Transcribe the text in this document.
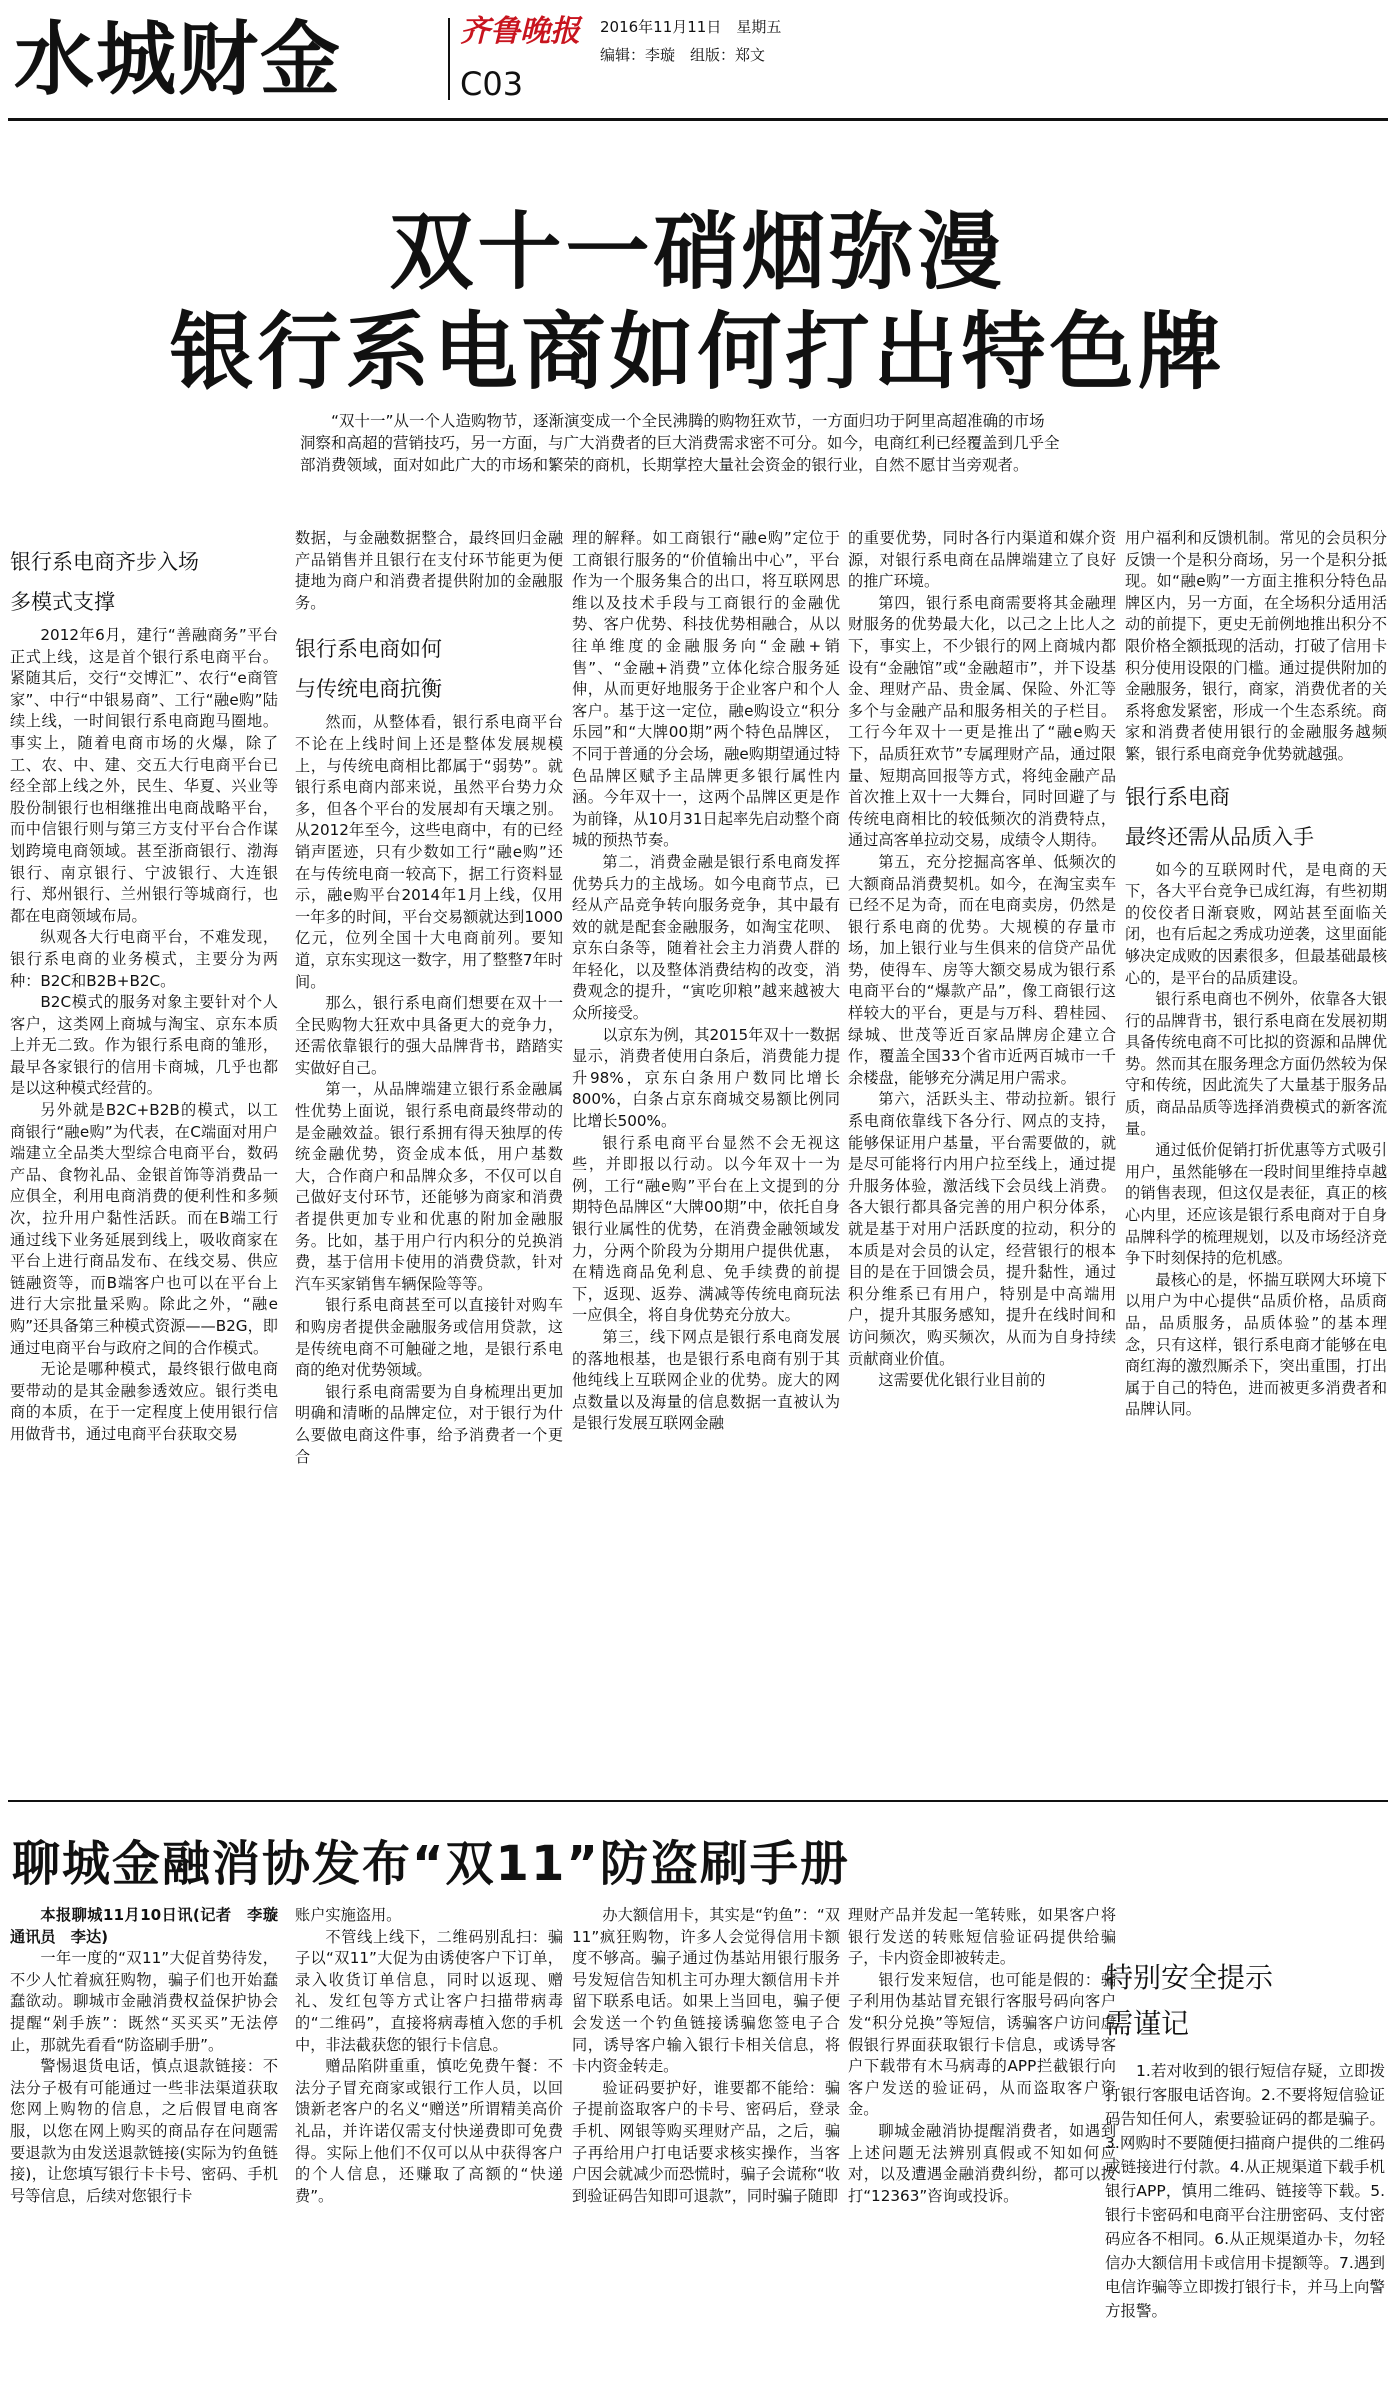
水城财金	齐鲁晚报 2016年11月11日　星期五
编辑：李璇　组版：郑文
C03
双十一硝烟弥漫
银行系电商如何打出特色牌
“双十一”从一个人造购物节，逐渐演变成一个全民沸腾的购物狂欢节，一方面归功于阿里高超准确的市场洞察和高超的营销技巧，另一方面，与广大消费者的巨大消费需求密不可分。如今，电商红利已经覆盖到几乎全部消费领域，面对如此广大的市场和繁荣的商机，长期掌控大量社会资金的银行业，自然不愿甘当旁观者。
银行系电商齐步入场
多模式支撑

2012年6月，建行“善融商务”平台正式上线，这是首个银行系电商平台。紧随其后，交行“交博汇”、农行“e商管家”、中行“中银易商”、工行“融e购”陆续上线，一时间银行系电商跑马圈地。事实上，随着电商市场的火爆，除了工、农、中、建、交五大行电商平台已经全部上线之外，民生、华夏、兴业等股份制银行也相继推出电商战略平台，而中信银行则与第三方支付平台合作谋划跨境电商领域。甚至浙商银行、渤海银行、南京银行、宁波银行、大连银行、郑州银行、兰州银行等城商行，也都在电商领域布局。

纵观各大行电商平台，不难发现，银行系电商的业务模式，主要分为两种：B2C和B2B+B2C。

B2C模式的服务对象主要针对个人客户，这类网上商城与淘宝、京东本质上并无二致。作为银行系电商的雏形，最早各家银行的信用卡商城，几乎也都是以这种模式经营的。

另外就是B2C+B2B的模式，以工商银行“融e购”为代表，在C端面对用户端建立全品类大型综合电商平台，数码产品、食物礼品、金银首饰等消费品一应俱全，利用电商消费的便利性和多频次，拉升用户黏性活跃。而在B端工行通过线下业务延展到线上，吸收商家在平台上进行商品发布、在线交易、供应链融资等，而B端客户也可以在平台上进行大宗批量采购。除此之外，“融e购”还具备第三种模式资源——B2G，即通过电商平台与政府之间的合作模式。

无论是哪种模式，最终银行做电商要带动的是其金融参透效应。银行类电商的本质，在于一定程度上使用银行信用做背书，通过电商平台获取交易

数据，与金融数据整合，最终回归金融产品销售并且银行在支付环节能更为便捷地为商户和消费者提供附加的金融服务。

银行系电商如何
与传统电商抗衡

然而，从整体看，银行系电商平台不论在上线时间上还是整体发展规模上，与传统电商相比都属于“弱势”。就银行系电商内部来说，虽然平台势力众多，但各个平台的发展却有天壤之别。从2012年至今，这些电商中，有的已经销声匿迹，只有少数如工行“融e购”还在与传统电商一较高下，据工行资料显示，融e购平台2014年1月上线，仅用一年多的时间，平台交易额就达到1000亿元，位列全国十大电商前列。要知道，京东实现这一数字，用了整整7年时间。

那么，银行系电商们想要在双十一全民购物大狂欢中具备更大的竞争力，还需依靠银行的强大品牌背书，踏踏实实做好自己。

第一，从品牌端建立银行系金融属性优势上面说，银行系电商最终带动的是金融效益。银行系拥有得天独厚的传统金融优势，资金成本低，用户基数大，合作商户和品牌众多，不仅可以自己做好支付环节，还能够为商家和消费者提供更加专业和优惠的附加金融服务。比如，基于用户行内积分的兑换消费，基于信用卡使用的消费贷款，针对汽车买家销售车辆保险等等。

银行系电商甚至可以直接针对购车和购房者提供金融服务或信用贷款，这是传统电商不可触碰之地，是银行系电商的绝对优势领域。

银行系电商需要为自身梳理出更加明确和清晰的品牌定位，对于银行为什么要做电商这件事，给予消费者一个更合

理的解释。如工商银行“融e购”定位于工商银行服务的“价值输出中心”，平台作为一个服务集合的出口，将互联网思维以及技术手段与工商银行的金融优势、客户优势、科技优势相融合，从以往单维度的金融服务向“金融+销售”、“金融+消费”立体化综合服务延伸，从而更好地服务于企业客户和个人客户。基于这一定位，融e购设立“积分乐园”和“大牌00期”两个特色品牌区，不同于普通的分会场，融e购期望通过特色品牌区赋予主品牌更多银行属性内涵。今年双十一，这两个品牌区更是作为前锋，从10月31日起率先启动整个商城的预热节奏。

第二，消费金融是银行系电商发挥优势兵力的主战场。如今电商节点，已经从产品竞争转向服务竞争，其中最有效的就是配套金融服务，如淘宝花呗、京东白条等，随着社会主力消费人群的年轻化，以及整体消费结构的改变，消费观念的提升，“寅吃卯粮”越来越被大众所接受。

以京东为例，其2015年双十一数据显示，消费者使用白条后，消费能力提升98%，京东白条用户数同比增长800%，白条占京东商城交易额比例同比增长500%。

银行系电商平台显然不会无视这些，并即报以行动。以今年双十一为例，工行“融e购”平台在上文提到的分期特色品牌区“大牌00期”中，依托自身银行业属性的优势，在消费金融领域发力，分两个阶段为分期用户提供优惠，在精选商品免利息、免手续费的前提下，返现、返券、满减等传统电商玩法一应俱全，将自身优势充分放大。

第三，线下网点是银行系电商发展的落地根基，也是银行系电商有别于其他纯线上互联网企业的优势。庞大的网点数量以及海量的信息数据一直被认为是银行发展互联网金融

的重要优势，同时各行内渠道和媒介资源，对银行系电商在品牌端建立了良好的推广环境。

第四，银行系电商需要将其金融理财服务的优势最大化，以己之上比人之下，事实上，不少银行的网上商城内都设有“金融馆”或“金融超市”，并下设基金、理财产品、贵金属、保险、外汇等多个与金融产品和服务相关的子栏目。工行今年双十一更是推出了“融e购天下，品质狂欢节”专属理财产品，通过限量、短期高回报等方式，将纯金融产品首次推上双十一大舞台，同时回避了与传统电商相比的较低频次的消费特点，通过高客单拉动交易，成绩令人期待。

第五，充分挖掘高客单、低频次的大额商品消费契机。如今，在淘宝卖车已经不足为奇，而在电商卖房，仍然是银行系电商的优势。大规模的存量市场，加上银行业与生俱来的信贷产品优势，使得车、房等大额交易成为银行系电商平台的“爆款产品”，像工商银行这样较大的平台，更是与万科、碧桂园、绿城、世茂等近百家品牌房企建立合作，覆盖全国33个省市近两百城市一千余楼盘，能够充分满足用户需求。

第六，活跃头主、带动拉新。银行系电商依靠线下各分行、网点的支持，能够保证用户基量，平台需要做的，就是尽可能将行内用户拉至线上，通过提升服务体验，激活线下会员线上消费。各大银行都具备完善的用户积分体系，就是基于对用户活跃度的拉动，积分的本质是对会员的认定，经营银行的根本目的是在于回馈会员，提升黏性，通过积分维系已有用户，特别是中高端用户，提升其服务感知，提升在线时间和访问频次，购买频次，从而为自身持续贡献商业价值。

这需要优化银行业目前的

用户福利和反馈机制。常见的会员积分反馈一个是积分商场，另一个是积分抵现。如“融e购”一方面主推积分特色品牌区内，另一方面，在全场积分适用活动的前提下，更史无前例地推出积分不限价格全额抵现的活动，打破了信用卡积分使用设限的门槛。通过提供附加的金融服务，银行，商家，消费优者的关系将愈发紧密，形成一个生态系统。商家和消费者使用银行的金融服务越频繁，银行系电商竞争优势就越强。

银行系电商
最终还需从品质入手

如今的互联网时代，是电商的天下，各大平台竞争已成红海，有些初期的佼佼者日渐衰败，网站甚至面临关闭，也有后起之秀成功逆袭，这里面能够决定成败的因素很多，但最基础最核心的，是平台的品质建设。

银行系电商也不例外，依靠各大银行的品牌背书，银行系电商在发展初期具备传统电商不可比拟的资源和品牌优势。然而其在服务理念方面仍然较为保守和传统，因此流失了大量基于服务品质，商品品质等选择消费模式的新客流量。

通过低价促销打折优惠等方式吸引用户，虽然能够在一段时间里维持卓越的销售表现，但这仅是表征，真正的核心内里，还应该是银行系电商对于自身品牌科学的梳理规划，以及市场经济竞争下时刻保持的危机感。

最核心的是，怀揣互联网大环境下以用户为中心提供“品质价格，品质商品，品质服务，品质体验”的基本理念，只有这样，银行系电商才能够在电商红海的激烈厮杀下，突出重围，打出属于自己的特色，进而被更多消费者和品牌认同。

聊城金融消协发布“双11”防盗刷手册

本报聊城11月10日讯(记者　李璇　通讯员　李达)

一年一度的“双11”大促首势待发，不少人忙着疯狂购物，骗子们也开始蠢蠢欲动。聊城市金融消费权益保护协会提醒“剁手族”：既然“买买买”无法停止，那就先看看“防盗刷手册”。

警惕退货电话，慎点退款链接：不法分子极有可能通过一些非法渠道获取您网上购物的信息，之后假冒电商客服，以您在网上购买的商品存在问题需要退款为由发送退款链接(实际为钓鱼链接)，让您填写银行卡卡号、密码、手机号等信息，后续对您银行卡

账户实施盗用。

不管线上线下，二维码别乱扫：骗子以“双11”大促为由诱使客户下订单，录入收货订单信息，同时以返现、赠礼、发红包等方式让客户扫描带病毒的“二维码”，直接将病毒植入您的手机中，非法截获您的银行卡信息。

赠品陷阱重重，慎吃免费午餐：不法分子冒充商家或银行工作人员，以回馈新老客户的名义“赠送”所谓精美高价礼品，并许诺仅需支付快递费即可免费得。实际上他们不仅可以从中获得客户的个人信息，还赚取了高额的“快递费”。

办大额信用卡，其实是“钓鱼”：“双11”疯狂购物，许多人会觉得信用卡额度不够高。骗子通过伪基站用银行服务号发短信告知机主可办理大额信用卡并留下联系电话。如果上当回电，骗子便会发送一个钓鱼链接诱骗您签电子合同，诱导客户输入银行卡相关信息，将卡内资金转走。

验证码要护好，谁要都不能给：骗子提前盗取客户的卡号、密码后，登录手机、网银等购买理财产品，之后，骗子再给用户打电话要求核实操作，当客户因会就减少而恐慌时，骗子会谎称“收到验证码告知即可退款”，同时骗子随即

理财产品并发起一笔转账，如果客户将银行发送的转账短信验证码提供给骗子，卡内资金即被转走。

银行发来短信，也可能是假的：骗子利用伪基站冒充银行客服号码向客户发“积分兑换”等短信，诱骗客户访问虚假银行界面获取银行卡信息，或诱导客户下载带有木马病毒的APP拦截银行向客户发送的验证码，从而盗取客户资金。

聊城金融消协提醒消费者，如遇到上述问题无法辨别真假或不知如何应对，以及遭遇金融消费纠纷，都可以拨打“12363”咨询或投诉。

特别安全提示
需谨记

1.若对收到的银行短信存疑，立即拨打银行客服电话咨询。2.不要将短信验证码告知任何人，索要验证码的都是骗子。3.网购时不要随便扫描商户提供的二维码或链接进行付款。4.从正规渠道下载手机银行APP，慎用二维码、链接等下载。5.银行卡密码和电商平台注册密码、支付密码应各不相同。6.从正规渠道办卡，勿轻信办大额信用卡或信用卡提额等。7.遇到电信诈骗等立即拨打银行卡，并马上向警方报警。
